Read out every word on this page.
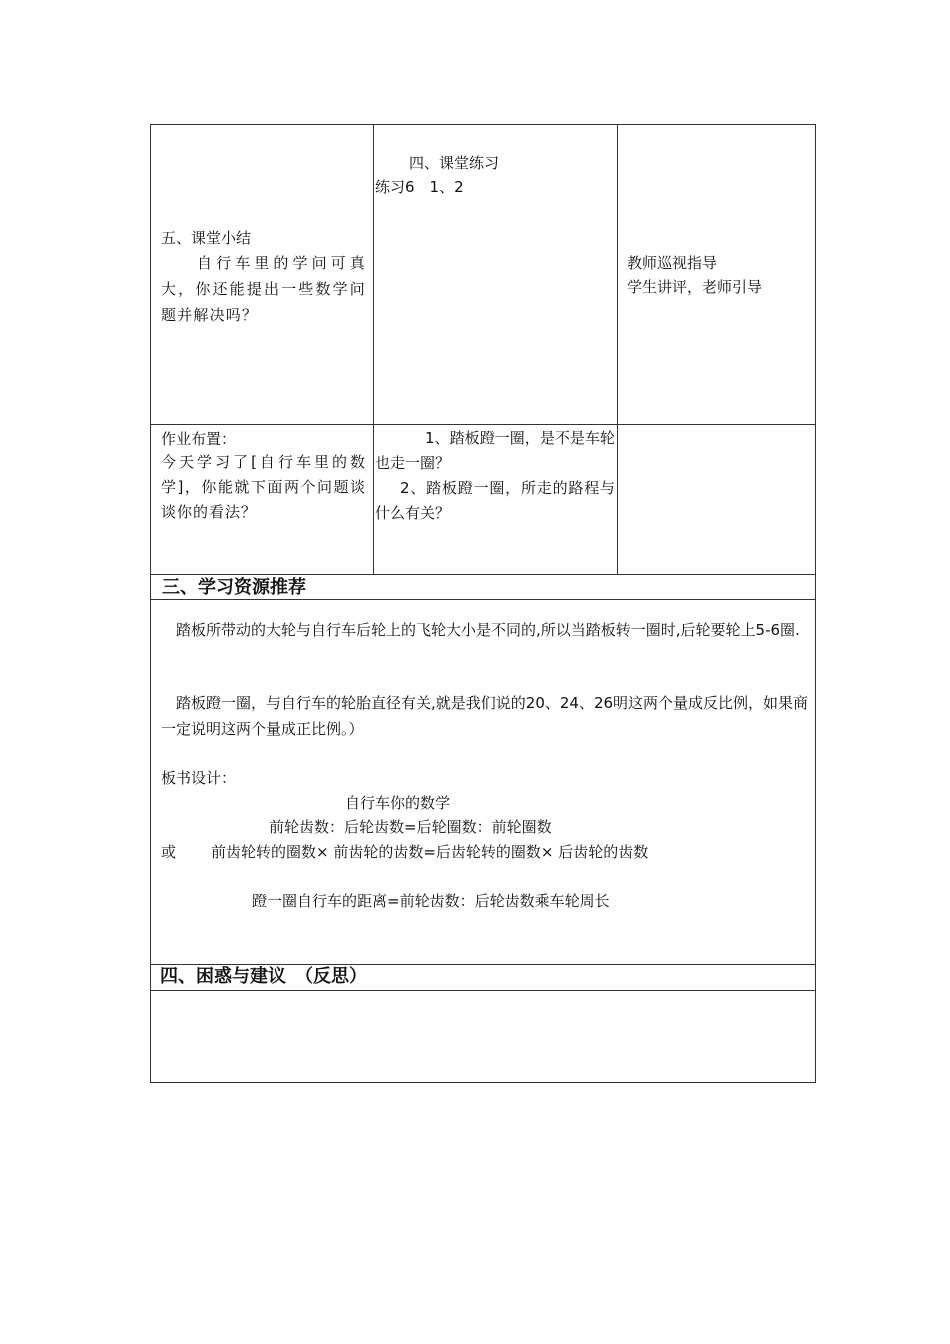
五、课堂小结
自行车里的学问可真大，你还能提出一些数学问题并解决吗？
四、课堂练习
练习6　1、2
教师巡视指导
学生讲评，老师引导
作业布置：
今天学习了[自行车里的数学]，你能就下面两个问题谈谈你的看法？
1、踏板蹬一圈，是不是车轮也走一圈？
2、踏板蹬一圈，所走的路程与什么有关？
三、学习资源推荐
踏板所带动的大轮与自行车后轮上的飞轮大小是不同的,所以当踏板转一圈时,后轮要轮上5-6圈.
踏板蹬一圈，与自行车的轮胎直径有关,就是我们说的20、24、26明这两个量成反比例，如果商一定说明这两个量成正比例。）
板书设计：
自行车你的数学
前轮齿数：后轮齿数=后轮圈数：前轮圈数
或 前齿轮转的圈数× 前齿轮的齿数=后齿轮转的圈数× 后齿轮的齿数
蹬一圈自行车的距离=前轮齿数：后轮齿数乘车轮周长
四、困惑与建议　（反思）
